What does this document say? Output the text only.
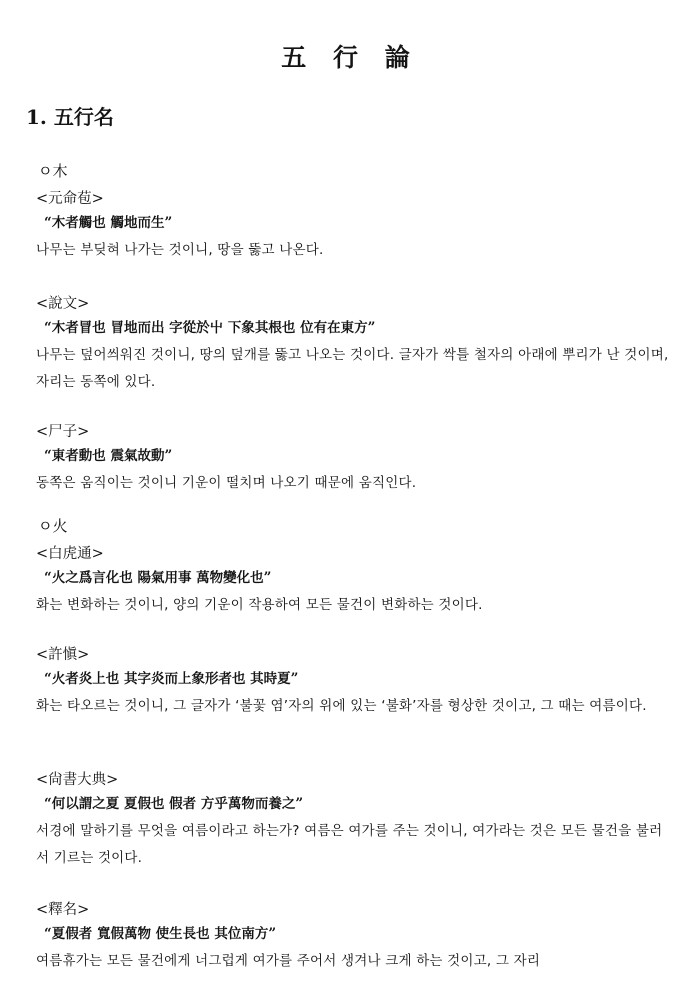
五 行 論
1. 五行名
ㅇ木
<元命苞>
“木者觸也 觸地而生”
나무는 부딪혀 나가는 것이니, 땅을 뚫고 나온다.
<說文>
“木者冒也 冒地而出 字從於屮 下象其根也 位有在東方”
나무는 덮어씌워진 것이니, 땅의 덮개를 뚫고 나오는 것이다. 글자가 싹틀 철자의 아래에 뿌리가 난 것이며, 자리는 동쪽에 있다.
<尸子>
“東者動也 震氣故動”
동쪽은 움직이는 것이니 기운이 떨치며 나오기 때문에 움직인다.
ㅇ火
<白虎通>
“火之爲言化也 陽氣用事 萬物變化也”
화는 변화하는 것이니, 양의 기운이 작용하여 모든 물건이 변화하는 것이다.
<許愼>
“火者炎上也 其字炎而上象形者也 其時夏”
화는 타오르는 것이니, 그 글자가 ‘불꽃 염’자의 위에 있는 ‘불화’자를 형상한 것이고, 그 때는 여름이다.
<尙書大典>
“何以謂之夏 夏假也 假者 方乎萬物而養之”
서경에 말하기를 무엇을 여름이라고 하는가? 여름은 여가를 주는 것이니, 여가라는 것은 모든 물건을 불러서 기르는 것이다.
<釋名>
“夏假者 寬假萬物 使生長也 其位南方”
여름휴가는 모든 물건에게 너그럽게 여가를 주어서 생겨나 크게 하는 것이고, 그 자리
